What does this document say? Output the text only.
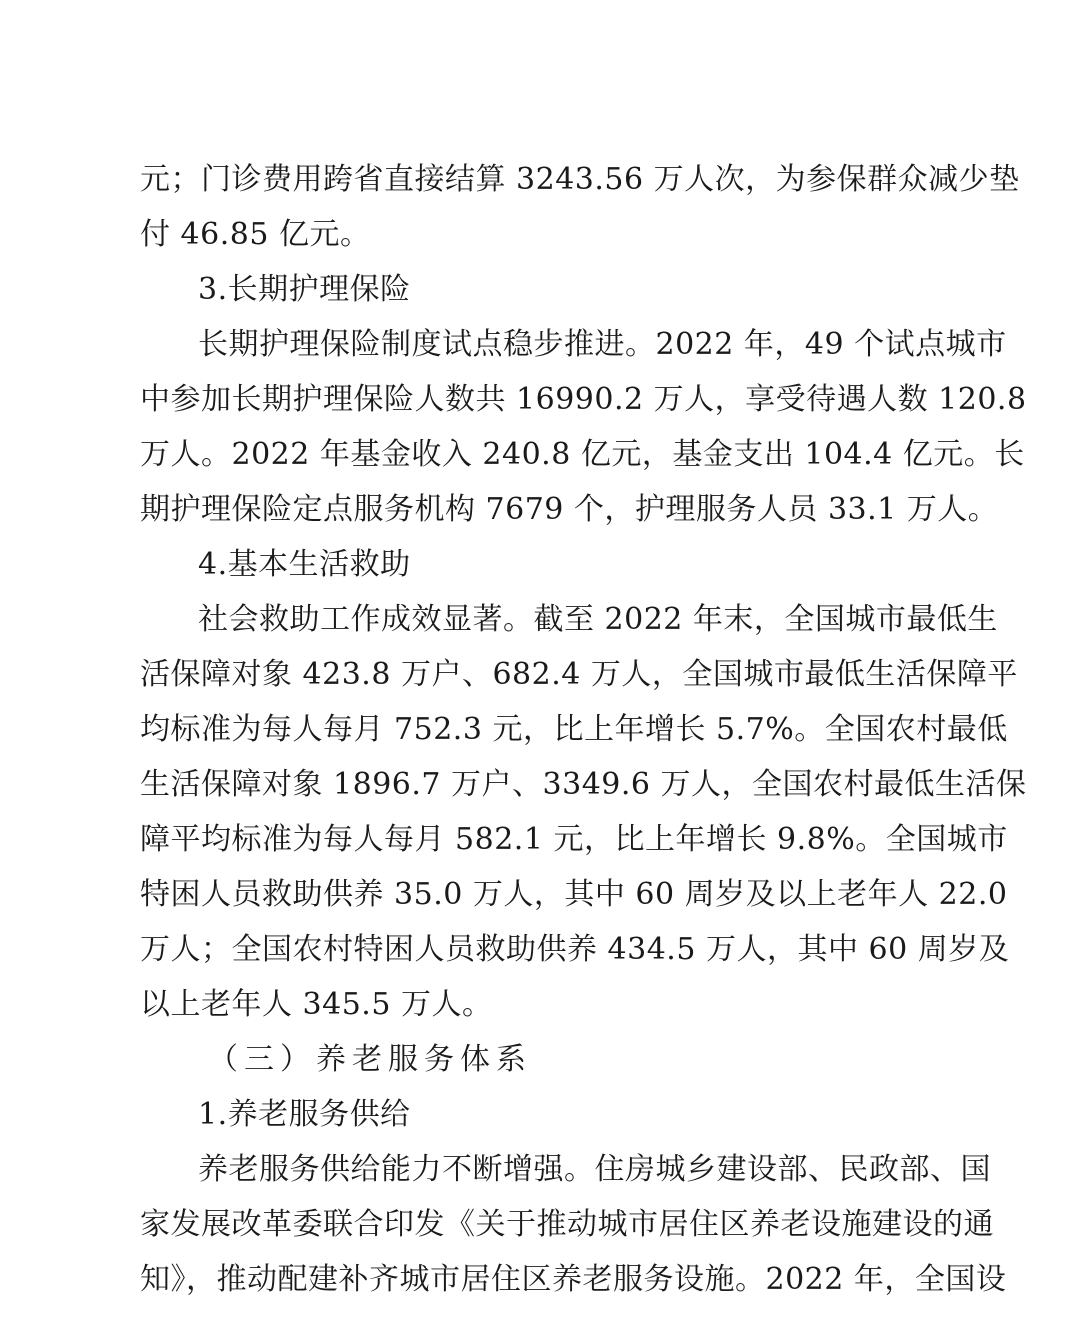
元；门诊费用跨省直接结算 3243.56 万人次，为参保群众减少垫
付 46.85 亿元。
3.长期护理保险
长期护理保险制度试点稳步推进。2022 年，49 个试点城市
中参加长期护理保险人数共 16990.2 万人，享受待遇人数 120.8
万人。2022 年基金收入 240.8 亿元，基金支出 104.4 亿元。长
期护理保险定点服务机构 7679 个，护理服务人员 33.1 万人。
4.基本生活救助
社会救助工作成效显著。截至 2022 年末，全国城市最低生
活保障对象 423.8 万户、682.4 万人，全国城市最低生活保障平
均标准为每人每月 752.3 元，比上年增长 5.7%。全国农村最低
生活保障对象 1896.7 万户、3349.6 万人，全国农村最低生活保
障平均标准为每人每月 582.1 元，比上年增长 9.8%。全国城市
特困人员救助供养 35.0 万人，其中 60 周岁及以上老年人 22.0
万人；全国农村特困人员救助供养 434.5 万人，其中 60 周岁及
以上老年人 345.5 万人。
（三）养老服务体系
1.养老服务供给
养老服务供给能力不断增强。住房城乡建设部、民政部、国
家发展改革委联合印发《关于推动城市居住区养老设施建设的通
知》，推动配建补齐城市居住区养老服务设施。2022 年，全国设
